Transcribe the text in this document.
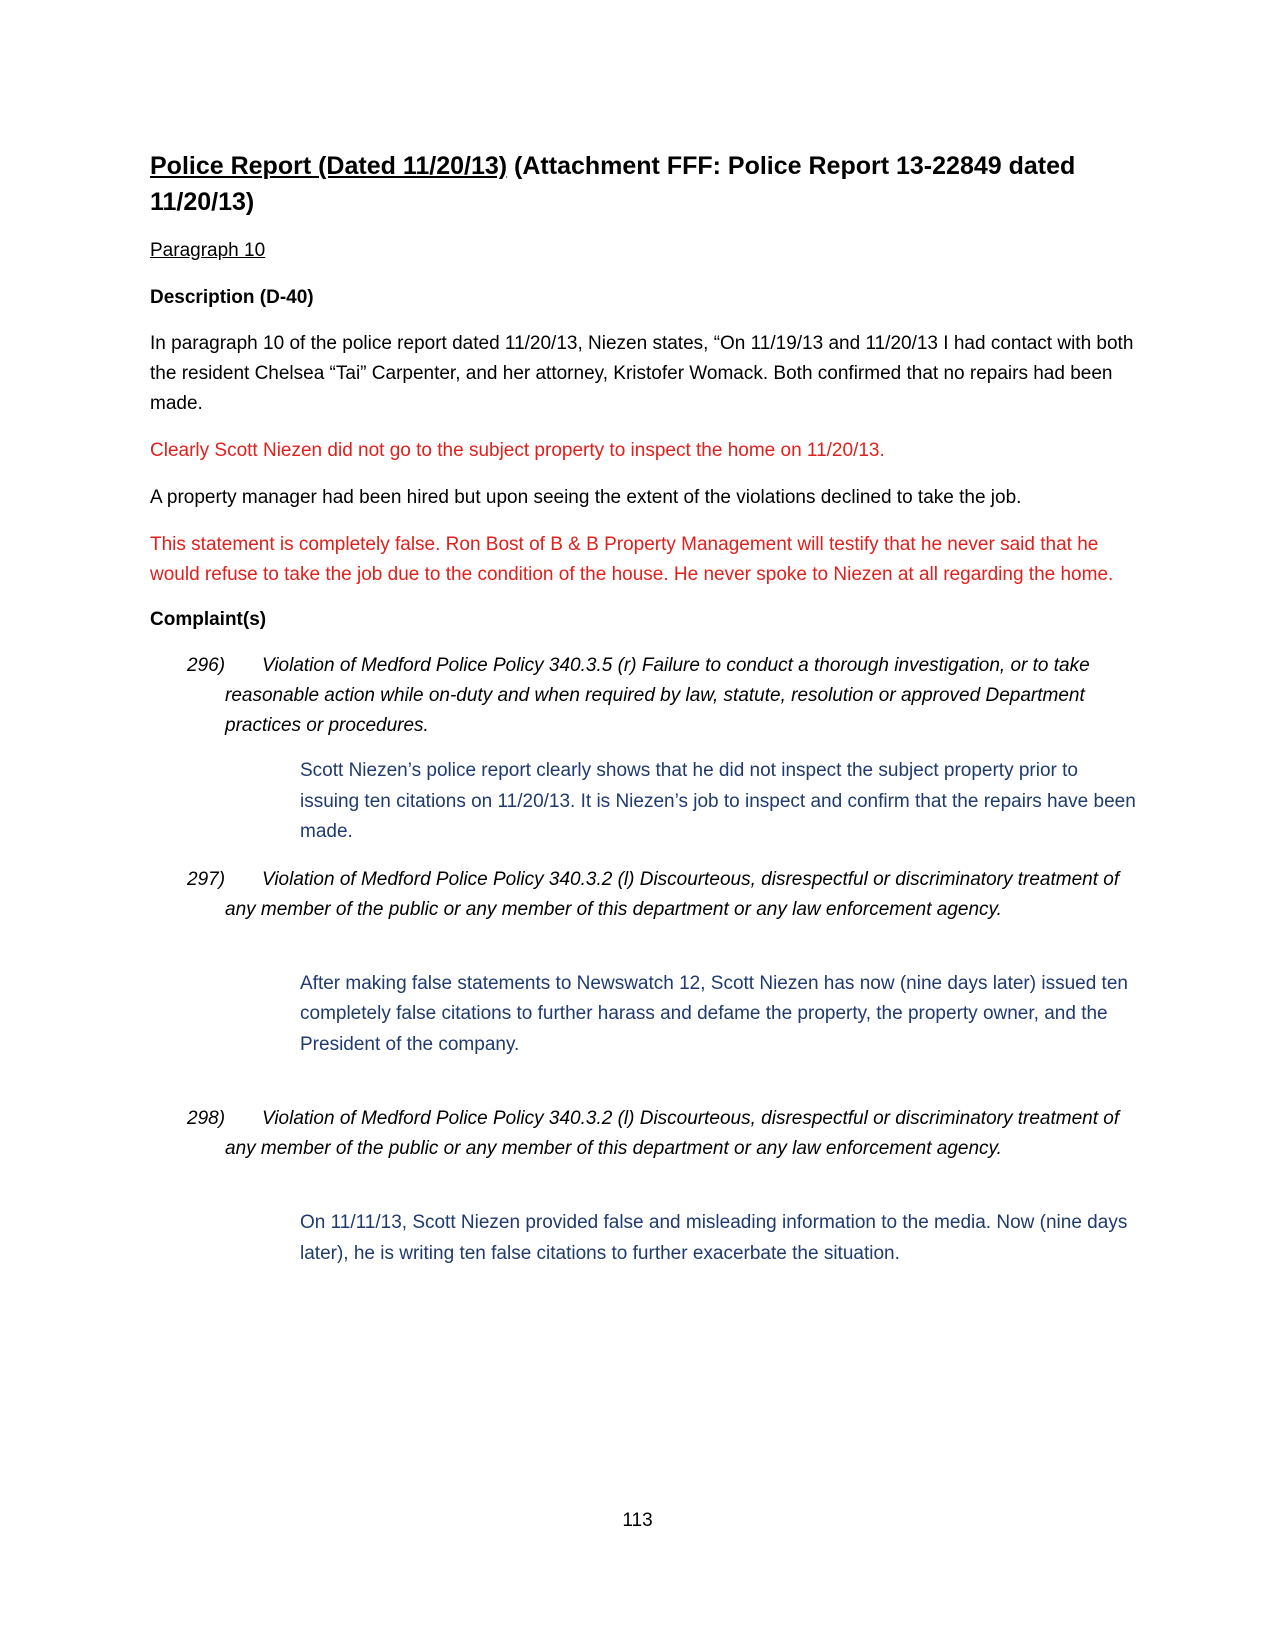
Police Report (Dated 11/20/13) (Attachment FFF: Police Report 13-22849 dated 11/20/13)
Paragraph 10
Description (D-40)
In paragraph 10 of the police report dated 11/20/13, Niezen states, “On 11/19/13 and 11/20/13 I had contact with both the resident Chelsea “Tai” Carpenter, and her attorney, Kristofer Womack. Both confirmed that no repairs had been made.
Clearly Scott Niezen did not go to the subject property to inspect the home on 11/20/13.
A property manager had been hired but upon seeing the extent of the violations declined to take the job.
This statement is completely false. Ron Bost of B & B Property Management will testify that he never said that he would refuse to take the job due to the condition of the house. He never spoke to Niezen at all regarding the home.
Complaint(s)
296) Violation of Medford Police Policy 340.3.5 (r) Failure to conduct a thorough investigation, or to take reasonable action while on-duty and when required by law, statute, resolution or approved Department practices or procedures.
Scott Niezen’s police report clearly shows that he did not inspect the subject property prior to issuing ten citations on 11/20/13. It is Niezen’s job to inspect and confirm that the repairs have been made.
297) Violation of Medford Police Policy 340.3.2 (l) Discourteous, disrespectful or discriminatory treatment of any member of the public or any member of this department or any law enforcement agency.
After making false statements to Newswatch 12, Scott Niezen has now (nine days later) issued ten completely false citations to further harass and defame the property, the property owner, and the President of the company.
298) Violation of Medford Police Policy 340.3.2 (l) Discourteous, disrespectful or discriminatory treatment of any member of the public or any member of this department or any law enforcement agency.
On 11/11/13, Scott Niezen provided false and misleading information to the media. Now (nine days later), he is writing ten false citations to further exacerbate the situation.
113
